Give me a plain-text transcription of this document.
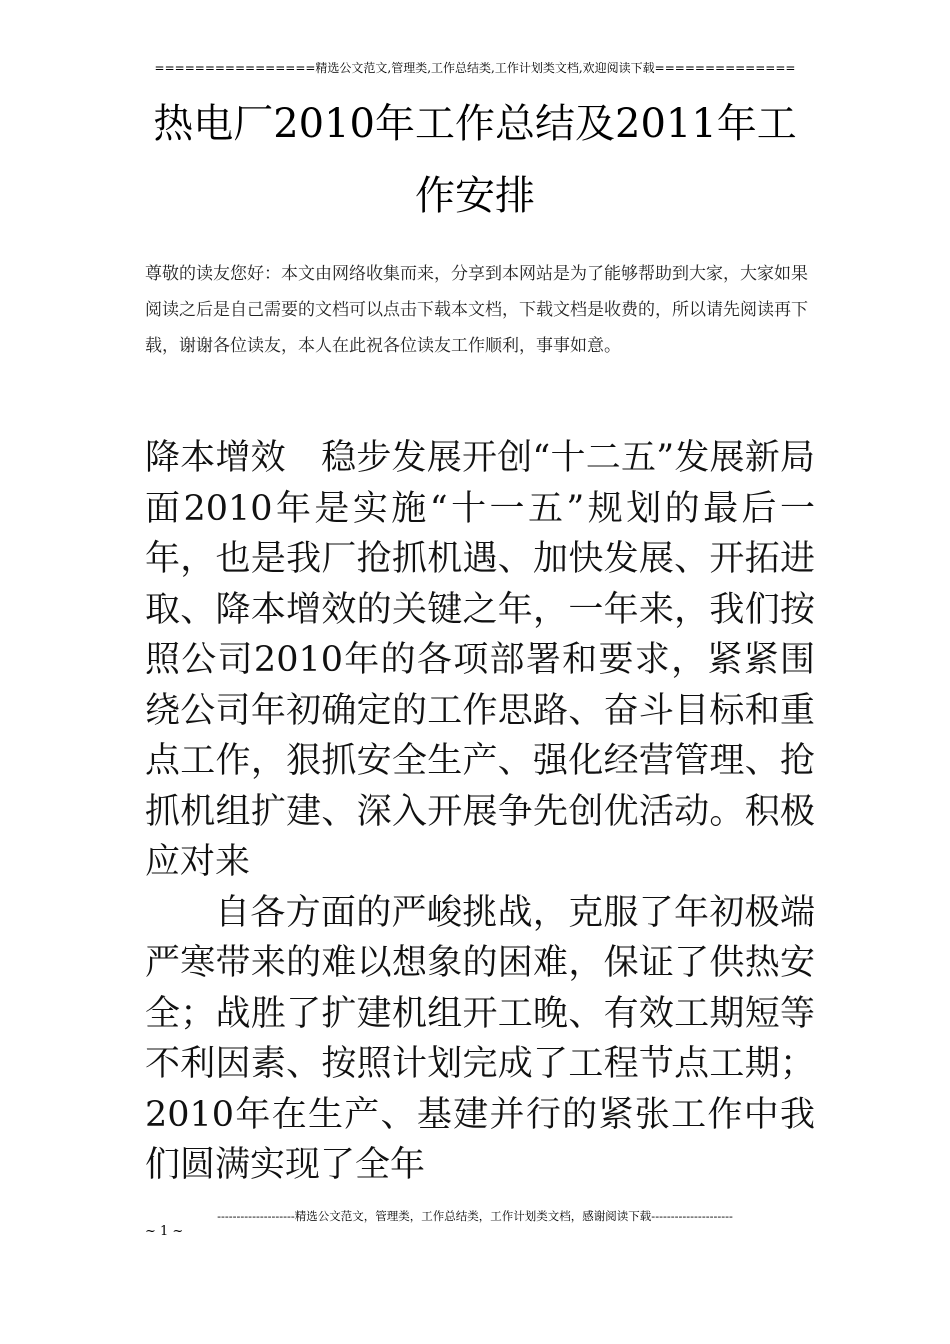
================精选公文范文,管理类,工作总结类,工作计划类文档,欢迎阅读下载==============
热电厂2010年工作总结及2011年工
作安排
尊敬的读友您好：本文由网络收集而来，分享到本网站是为了能够帮助到大家，大家如果阅读之后是自己需要的文档可以点击下载本文档，下载文档是收费的，所以请先阅读再下载，谢谢各位读友，本人在此祝各位读友工作顺利，事事如意。

降本增效　稳步发展开创“十二五”发展新局面2010年是实施“十一五”规划的最后一年，也是我厂抢抓机遇、加快发展、开拓进取、降本增效的关键之年，一年来，我们按照公司2010年的各项部署和要求，紧紧围绕公司年初确定的工作思路、奋斗目标和重点工作，狠抓安全生产、强化经营管理、抢抓机组扩建、深入开展争先创优活动。积极应对来

自各方面的严峻挑战，克服了年初极端严寒带来的难以想象的困难，保证了供热安全；战胜了扩建机组开工晚、有效工期短等不利因素、按照计划完成了工程节点工期；2010年在生产、基建并行的紧张工作中我们圆满实现了全年

--------------------精选公文范文，管理类，工作总结类，工作计划类文档，感谢阅读下载---------------------
~ 1 ~
